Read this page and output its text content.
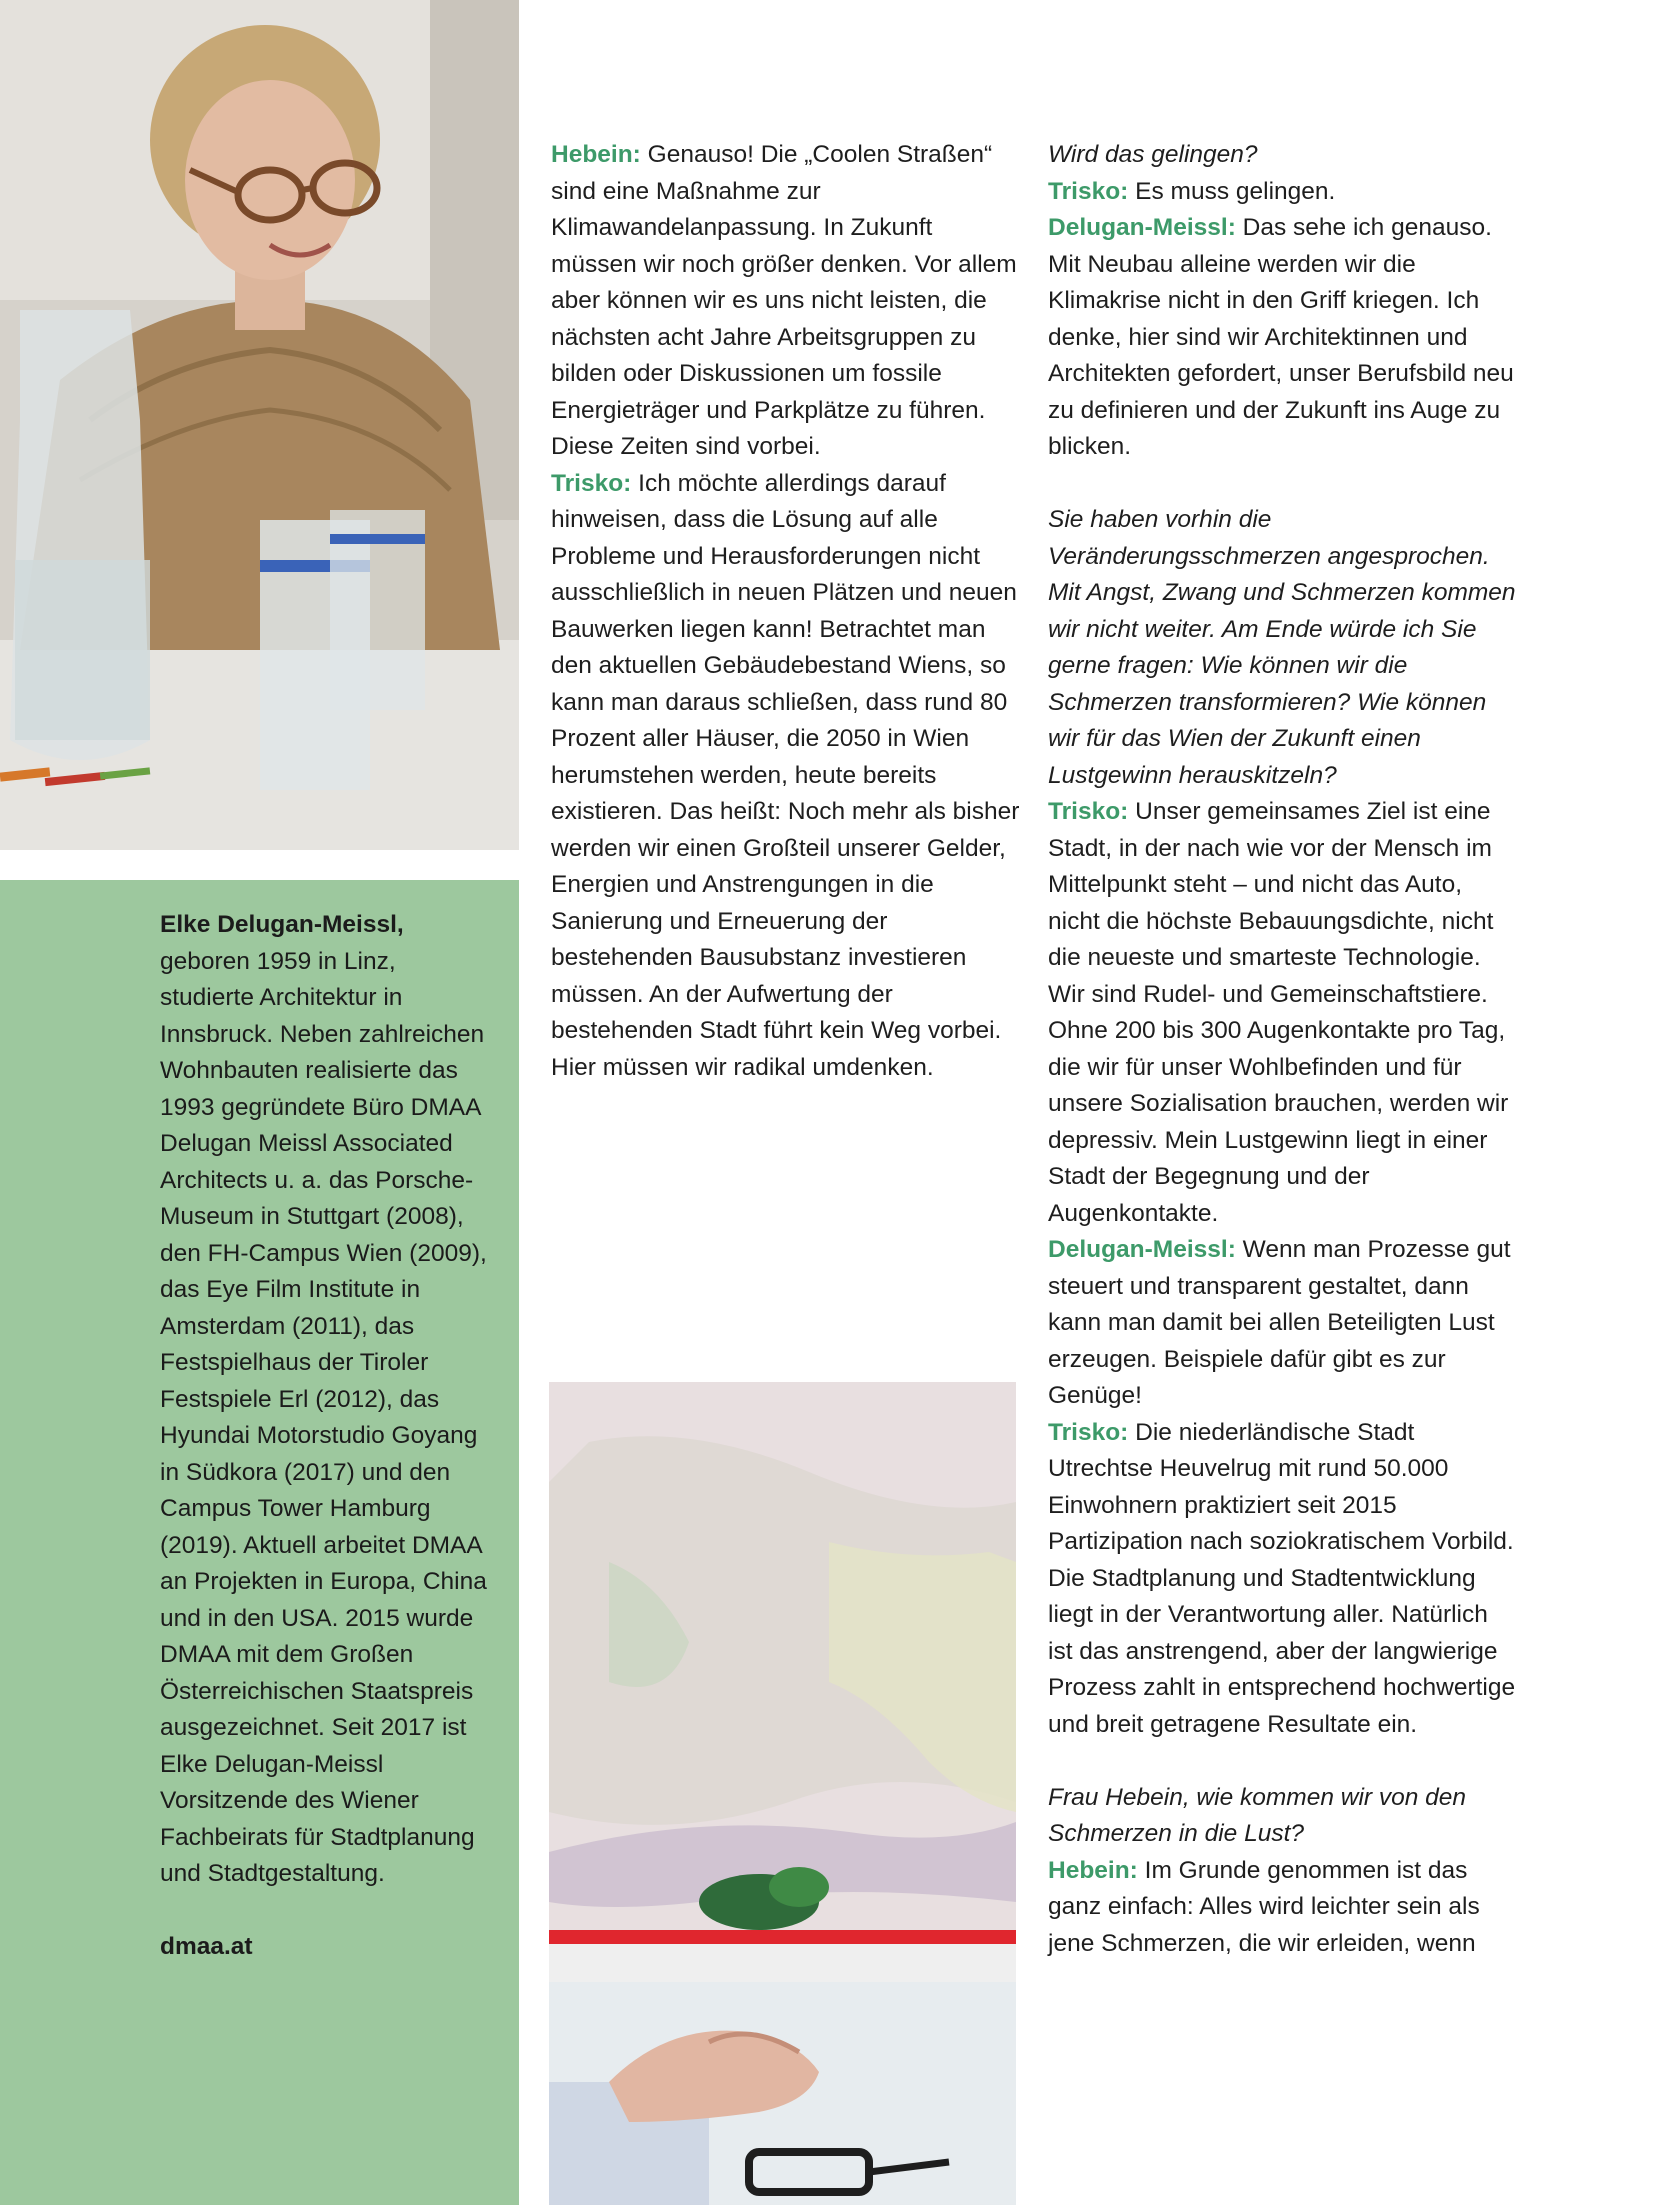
Elke Delugan-Meissl, geboren 1959 in Linz, studierte Architektur in Innsbruck. Neben zahlreichen Wohnbauten realisierte das 1993 gegründete Büro DMAA Delugan Meissl Associated Architects u. a. das Porsche-Museum in Stuttgart (2008), den FH-Campus Wien (2009), das Eye Film Institute in Amsterdam (2011), das Festspielhaus der Tiroler Festspiele Erl (2012), das Hyundai Motorstudio Goyang in Südkora (2017) und den Campus Tower Hamburg (2019). Aktuell arbeitet DMAA an Projekten in Europa, China und in den USA. 2015 wurde DMAA mit dem Großen Österreichischen Staatspreis ausgezeichnet. Seit 2017 ist Elke Delugan-Meissl Vorsitzende des Wiener Fachbeirats für Stadtplanung und Stadtgestaltung.

dmaa.at

Hebein: Genauso! Die „Coolen Straßen“ sind eine Maßnahme zur Klimawandelanpassung. In Zukunft müssen wir noch größer denken. Vor allem aber können wir es uns nicht leisten, die nächsten acht Jahre Arbeitsgruppen zu bilden oder Diskussionen um fossile Energieträger und Parkplätze zu führen. Diese Zeiten sind vorbei.

Trisko: Ich möchte allerdings darauf hinweisen, dass die Lösung auf alle Probleme und Herausforderungen nicht ausschließlich in neuen Plätzen und neuen Bauwerken liegen kann! Betrachtet man den aktuellen Gebäudebestand Wiens, so kann man daraus schließen, dass rund 80 Prozent aller Häuser, die 2050 in Wien herumstehen werden, heute bereits existieren. Das heißt: Noch mehr als bisher werden wir einen Großteil unserer Gelder, Energien und Anstrengungen in die Sanierung und Erneuerung der bestehenden Bausubstanz investieren müssen. An der Aufwertung der bestehenden Stadt führt kein Weg vorbei. Hier müssen wir radikal umdenken.

Wird das gelingen?

Trisko: Es muss gelingen.

Delugan-Meissl: Das sehe ich genauso. Mit Neubau alleine werden wir die Klimakrise nicht in den Griff kriegen. Ich denke, hier sind wir Architektinnen und Architekten gefordert, unser Berufsbild neu zu definieren und der Zukunft ins Auge zu blicken.

Sie haben vorhin die Veränderungsschmerzen angesprochen. Mit Angst, Zwang und Schmerzen kommen wir nicht weiter. Am Ende würde ich Sie gerne fragen: Wie können wir die Schmerzen transformieren? Wie können wir für das Wien der Zukunft einen Lustgewinn herauskitzeln?

Trisko: Unser gemeinsames Ziel ist eine Stadt, in der nach wie vor der Mensch im Mittelpunkt steht – und nicht das Auto, nicht die höchste Bebauungsdichte, nicht die neueste und smarteste Technologie. Wir sind Rudel- und Gemeinschaftstiere. Ohne 200 bis 300 Augenkontakte pro Tag, die wir für unser Wohlbefinden und für unsere Sozialisation brauchen, werden wir depressiv. Mein Lustgewinn liegt in einer Stadt der Begegnung und der Augenkontakte.

Delugan-Meissl: Wenn man Prozesse gut steuert und transparent gestaltet, dann kann man damit bei allen Beteiligten Lust erzeugen. Beispiele dafür gibt es zur Genüge!

Trisko: Die niederländische Stadt Utrechtse Heuvelrug mit rund 50.000 Einwohnern praktiziert seit 2015 Partizipation nach soziokratischem Vorbild. Die Stadtplanung und Stadtentwicklung liegt in der Verantwortung aller. Natürlich ist das anstrengend, aber der langwierige Prozess zahlt in entsprechend hochwertige und breit getragene Resultate ein.

Frau Hebein, wie kommen wir von den Schmerzen in die Lust?

Hebein: Im Grunde genommen ist das ganz einfach: Alles wird leichter sein als jene Schmerzen, die wir erleiden, wenn
